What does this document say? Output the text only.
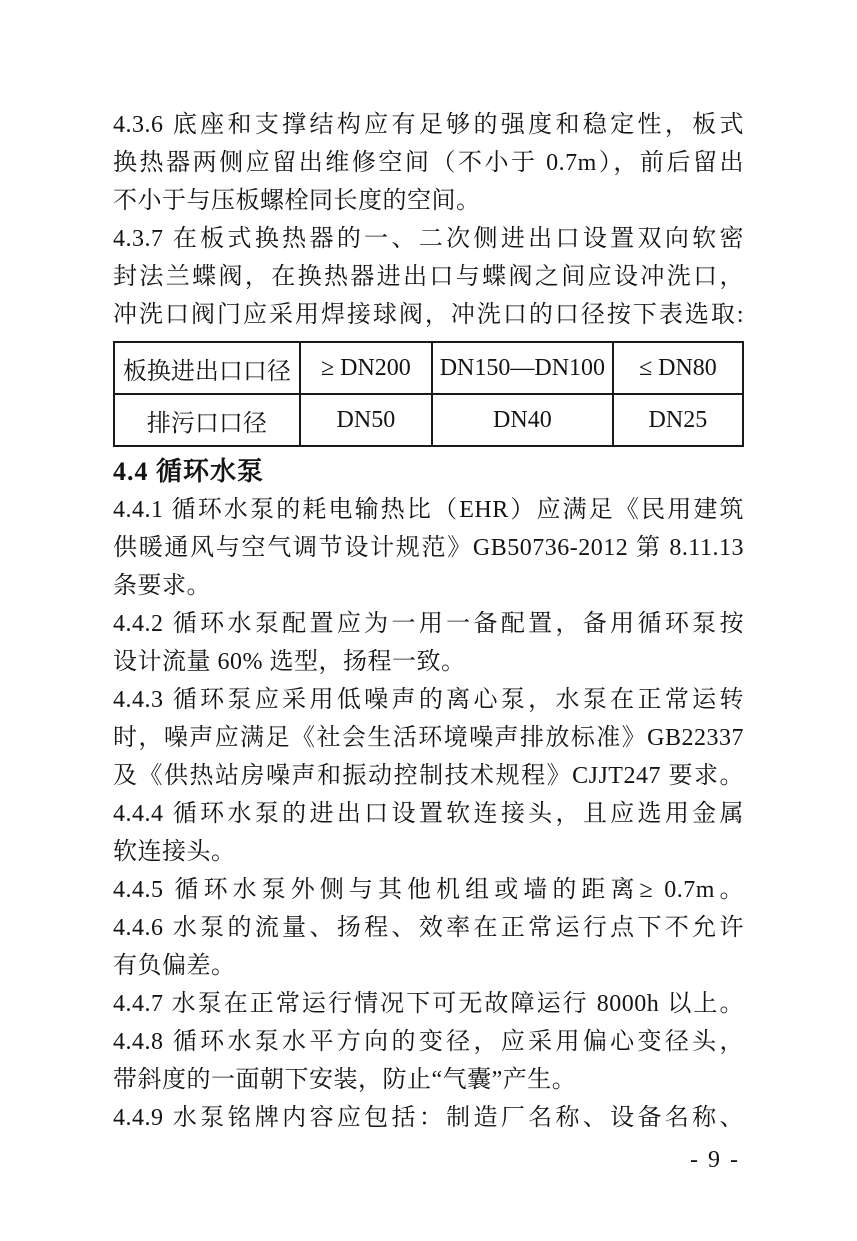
4.3.6 底座和支撑结构应有足够的强度和稳定性，板式
换热器两侧应留出维修空间（不小于 0.7m），前后留出
不小于与压板螺栓同长度的空间。
4.3.7 在板式换热器的一、二次侧进出口设置双向软密
封法兰蝶阀，在换热器进出口与蝶阀之间应设冲洗口，
冲洗口阀门应采用焊接球阀，冲洗口的口径按下表选取:
板换进出口口径	≥ DN200	DN150—DN100	≤ DN80
排污口口径	DN50	DN40	DN25
4.4 循环水泵
4.4.1 循环水泵的耗电输热比（EHR）应满足《民用建筑
供暖通风与空气调节设计规范》GB50736-2012 第 8.11.13
条要求。
4.4.2 循环水泵配置应为一用一备配置，备用循环泵按
设计流量 60% 选型，扬程一致。
4.4.3 循环泵应采用低噪声的离心泵，水泵在正常运转
时，噪声应满足《社会生活环境噪声排放标准》GB22337
及《供热站房噪声和振动控制技术规程》CJJT247 要求。
4.4.4 循环水泵的进出口设置软连接头，且应选用金属
软连接头。
4.4.5 循环水泵外侧与其他机组或墙的距离≥ 0.7m。
4.4.6 水泵的流量、扬程、效率在正常运行点下不允许
有负偏差。
4.4.7 水泵在正常运行情况下可无故障运行 8000h 以上。
4.4.8 循环水泵水平方向的变径，应采用偏心变径头，
带斜度的一面朝下安装，防止“气囊”产生。
4.4.9 水泵铭牌内容应包括：制造厂名称、设备名称、
- 9 -
